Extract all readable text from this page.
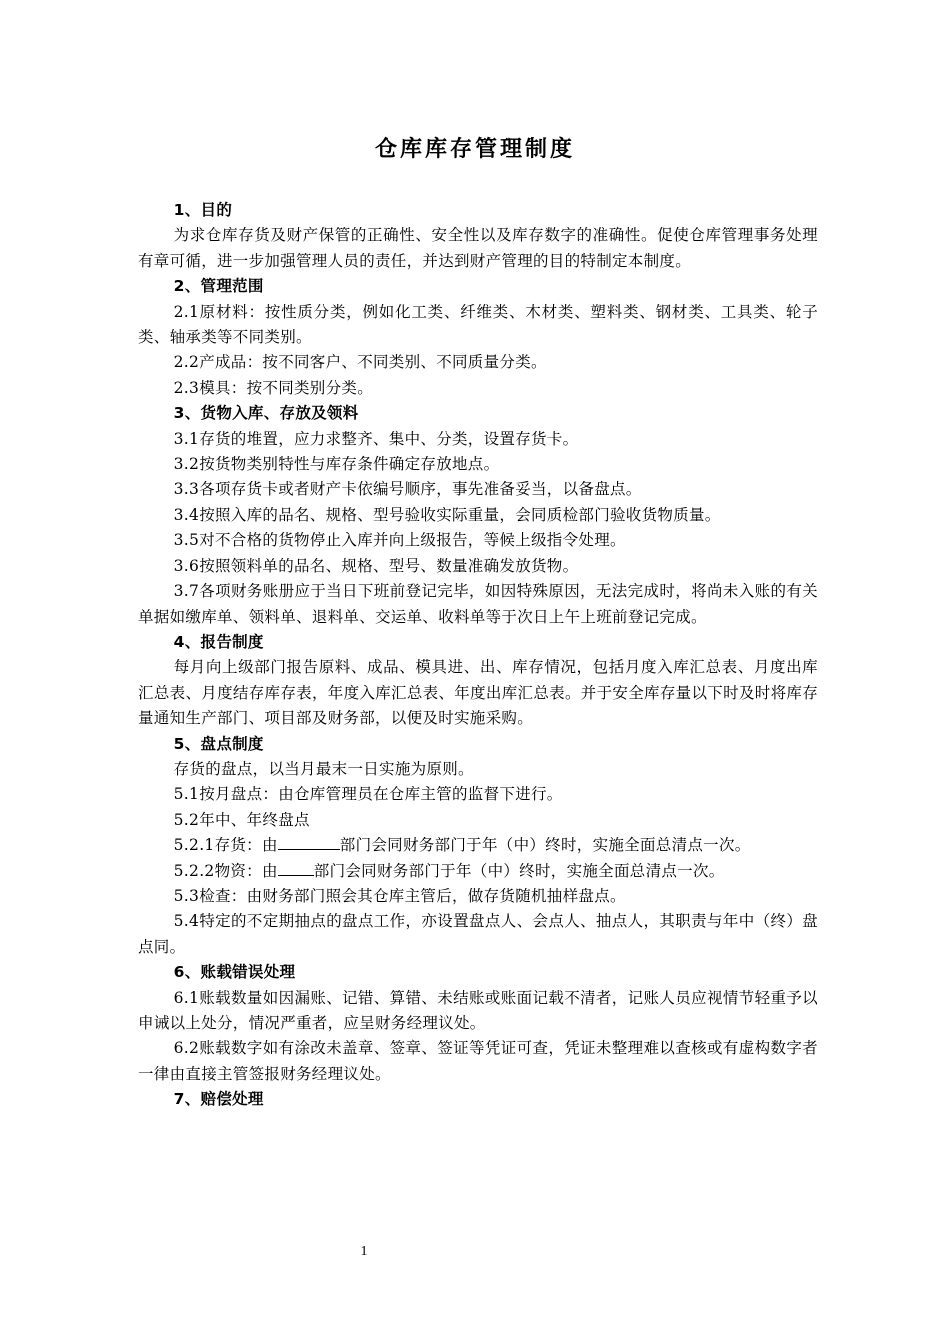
仓库库存管理制度
1、目的

为求仓库存货及财产保管的正确性、安全性以及库存数字的准确性。促使仓库管理事务处理有章可循，进一步加强管理人员的责任，并达到财产管理的目的特制定本制度。

2、管理范围

2.1原材料：按性质分类，例如化工类、纤维类、木材类、塑料类、钢材类、工具类、轮子类、轴承类等不同类别。

2.2产成品：按不同客户、不同类别、不同质量分类。

2.3模具：按不同类别分类。

3、货物入库、存放及领料

3.1存货的堆置，应力求整齐、集中、分类，设置存货卡。

3.2按货物类别特性与库存条件确定存放地点。

3.3各项存货卡或者财产卡依编号顺序，事先准备妥当，以备盘点。

3.4按照入库的品名、规格、型号验收实际重量，会同质检部门验收货物质量。

3.5对不合格的货物停止入库并向上级报告，等候上级指令处理。

3.6按照领料单的品名、规格、型号、数量准确发放货物。

3.7各项财务账册应于当日下班前登记完毕，如因特殊原因，无法完成时，将尚未入账的有关单据如缴库单、领料单、退料单、交运单、收料单等于次日上午上班前登记完成。

4、报告制度

每月向上级部门报告原料、成品、模具进、出、库存情况，包括月度入库汇总表、月度出库汇总表、月度结存库存表，年度入库汇总表、年度出库汇总表。并于安全库存量以下时及时将库存量通知生产部门、项目部及财务部，以便及时实施采购。

5、盘点制度

存货的盘点，以当月最末一日实施为原则。

5.1按月盘点：由仓库管理员在仓库主管的监督下进行。

5.2年中、年终盘点

5.2.1存货：由	部门会同财务部门于年（中）终时，实施全面总清点一次。

5.2.2物资：由 部门会同财务部门于年（中）终时，实施全面总清点一次。

5.3检查：由财务部门照会其仓库主管后，做存货随机抽样盘点。

5.4特定的不定期抽点的盘点工作，亦设置盘点人、会点人、抽点人，其职责与年中（终）盘点同。

6、账载错误处理

6.1账载数量如因漏账、记错、算错、未结账或账面记载不清者，记账人员应视情节轻重予以申诫以上处分，情况严重者，应呈财务经理议处。

6.2账载数字如有涂改未盖章、签章、签证等凭证可查，凭证未整理难以查核或有虚构数字者一律由直接主管签报财务经理议处。

7、赔偿处理
1
